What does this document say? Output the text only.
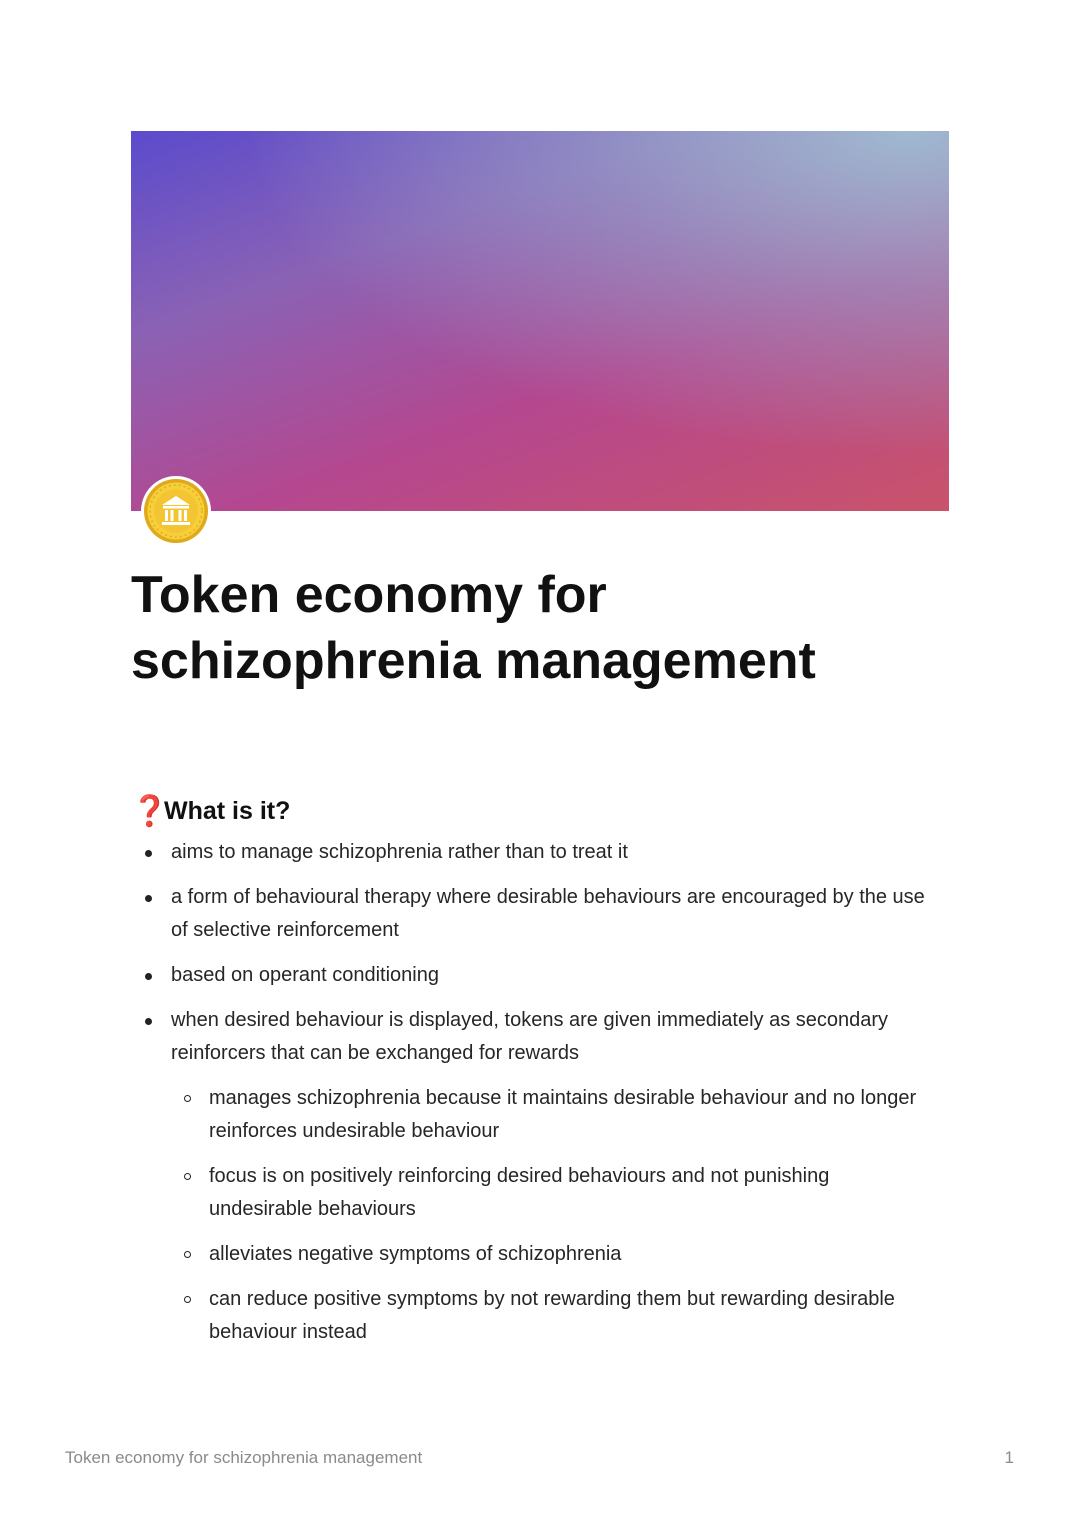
Token economy for schizophrenia management
❓
What is it?
aims to manage schizophrenia rather than to treat it
a form of behavioural therapy where desirable behaviours are encouraged by the use of selective reinforcement
based on operant conditioning
when desired behaviour is displayed, tokens are given immediately as secondary reinforcers that can be exchanged for rewards
manages schizophrenia because it maintains desirable behaviour and no longer reinforces undesirable behaviour
focus is on positively reinforcing desired behaviours and not punishing undesirable behaviours
alleviates negative symptoms of schizophrenia
can reduce positive symptoms by not rewarding them but rewarding desirable behaviour instead
Token economy for schizophrenia management	1
